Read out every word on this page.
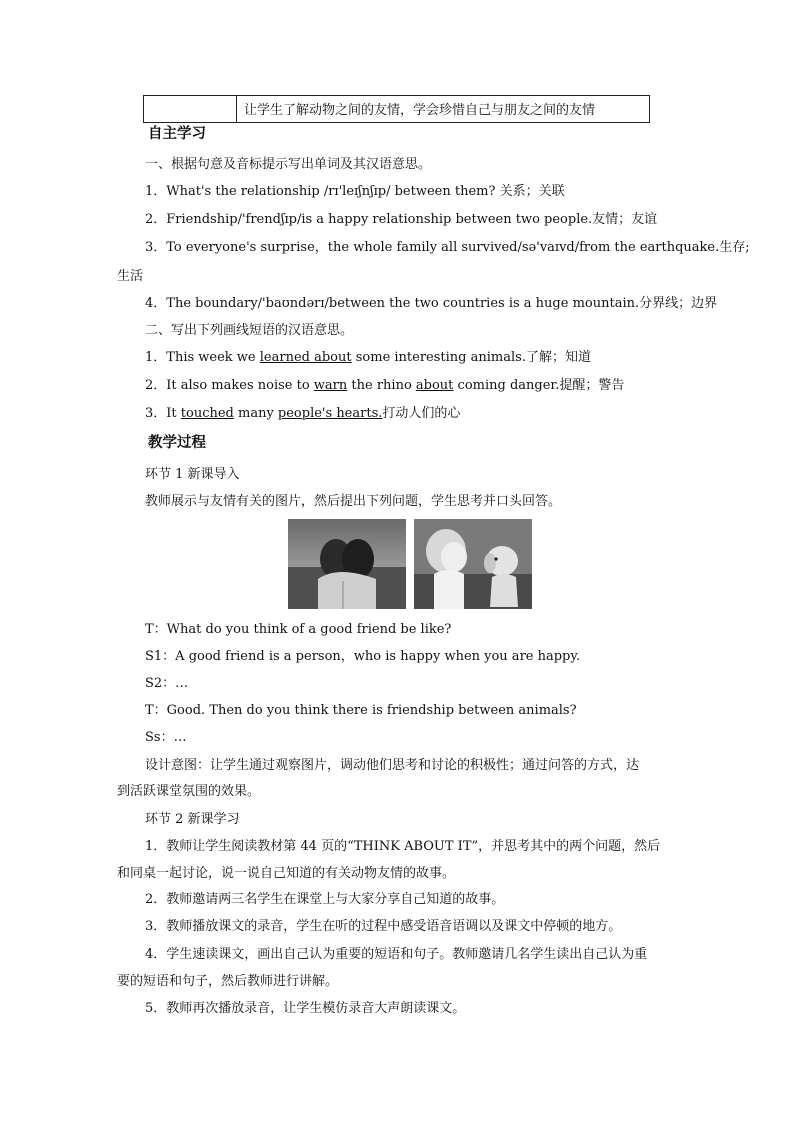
让学生了解动物之间的友情，学会珍惜自己与朋友之间的友情
自主学习
一、根据句意及音标提示写出单词及其汉语意思。
1．What's the relationship /rɪ'leɪʃnʃɪp/ between them? 关系；关联
2．Friendship/'frendʃɪp/is a happy relationship between two people.友情；友谊
3．To everyone's surprise，the whole family all survived/sə'vaɪvd/from the earthquake.生存;
生活
4．The boundary/'baʊndərɪ/between the two countries is a huge mountain.分界线；边界
二、写出下列画线短语的汉语意思。
1．This week we learned about some interesting animals.了解；知道
2．It also makes noise to warn the rhino about coming danger.提醒；警告
3．It touched many people's hearts.打动人们的心
教学过程
环节 1 新课导入
教师展示与友情有关的图片，然后提出下列问题，学生思考并口头回答。
T：What do you think of a good friend be like?
S1：A good friend is a person，who is happy when you are happy.
S2：…
T：Good. Then do you think there is friendship between animals?
Ss：…
设计意图：让学生通过观察图片，调动他们思考和讨论的积极性；通过问答的方式，达
到活跃课堂氛围的效果。
环节 2 新课学习
1．教师让学生阅读教材第 44 页的“THINK ABOUT IT”，并思考其中的两个问题，然后
和同桌一起讨论，说一说自己知道的有关动物友情的故事。
2．教师邀请两三名学生在课堂上与大家分享自己知道的故事。
3．教师播放课文的录音，学生在听的过程中感受语音语调以及课文中停顿的地方。
4．学生速读课文，画出自己认为重要的短语和句子。教师邀请几名学生读出自己认为重
要的短语和句子，然后教师进行讲解。
5．教师再次播放录音，让学生模仿录音大声朗读课文。
